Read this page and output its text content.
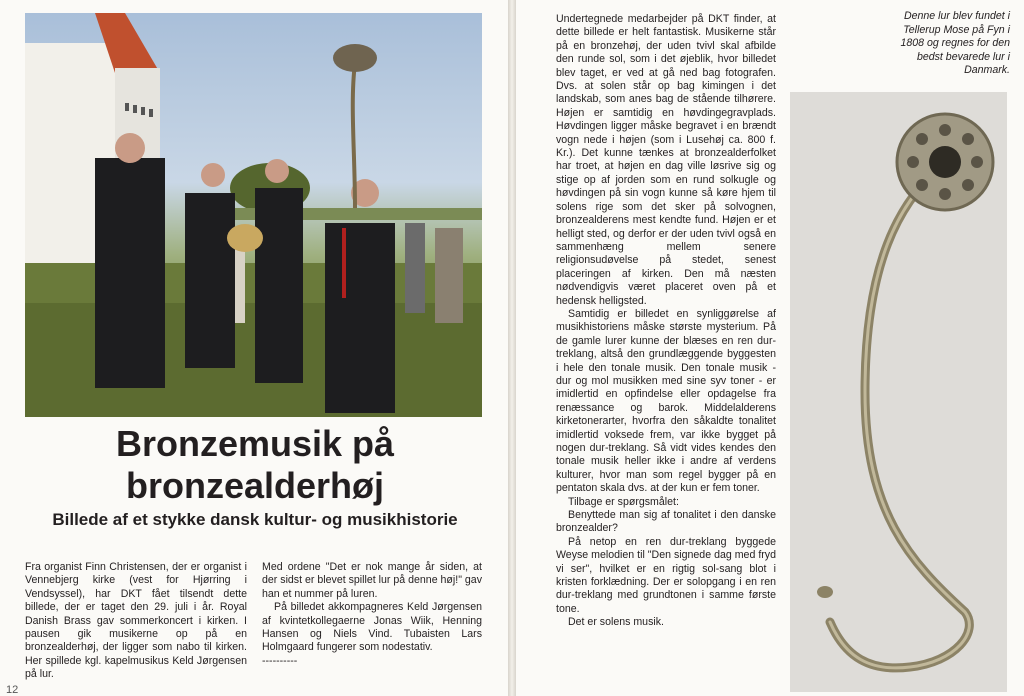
Bronzemusik på
bronzealderhøj
Billede af et stykke dansk kultur- og musikhistorie

Fra organist Finn Christensen, der er organist i Vennebjerg kirke (vest for Hjørring i Vendsyssel), har DKT fået tilsendt dette billede, der er taget den 29. juli i år. Royal Danish Brass gav sommerkoncert i kirken. I pausen gik musikerne op på en bronzealderhøj, der ligger som nabo til kirken. Her spillede kgl. kapelmusikus Keld Jørgensen på lur.

Med ordene "Det er nok mange år siden, at der sidst er blevet spillet lur på denne høj!" gav han et nummer på luren.

På billedet akkompagneres Keld Jørgensen af kvintetkollegaerne Jonas Wiik, Henning Hansen og Niels Vind. Tubaisten Lars Holmgaard fungerer som nodestativ.

----------

12

Undertegnede medarbejder på DKT finder, at dette billede er helt fantastisk. Musikerne står på en bronzehøj, der uden tvivl skal afbilde den runde sol, som i det øjeblik, hvor billedet blev taget, er ved at gå ned bag fotografen. Dvs. at solen står op bag kimingen i det landskab, som anes bag de stående tilhørere. Højen er samtidig en høvdingegravplads. Høvdingen ligger måske begravet i en brændt vogn nede i højen (som i Lusehøj ca. 800 f. Kr.). Det kunne tænkes at bronzealderfolket har troet, at højen en dag ville løsrive sig og stige op af jorden som en rund solkugle og høvdingen på sin vogn kunne så køre hjem til solens rige som det sker på solvognen, bronzealderens mest kendte fund. Højen er et helligt sted, og derfor er der uden tvivl også en sammenhæng mellem senere religionsudøvelse på stedet, senest placeringen af kirken. Den må næsten nødvendigvis været placeret oven på et hedensk helligsted.

Samtidig er billedet en synliggørelse af musikhistoriens måske største mysterium. På de gamle lurer kunne der blæses en ren dur-treklang, altså den grundlæggende byggesten i hele den tonale musik. Den tonale musik - dur og mol musikken med sine syv toner - er imidlertid en opfindelse eller opdagelse fra renæssance og barok. Middelalderens kirketonerarter, hvorfra den såkaldte tonalitet imidlertid voksede frem, var ikke bygget på nogen dur-treklang. Så vidt vides kendes den tonale musik heller ikke i andre af verdens kulturer, hvor man som regel bygger på en pentaton skala dvs. at der kun er fem toner.

Tilbage er spørgsmålet:

Benyttede man sig af tonalitet i den danske bronzealder?

På netop en ren dur-treklang byggede Weyse melodien til "Den signede dag med fryd vi ser", hvilket er en rigtig sol-sang blot i kristen forklædning. Der er solopgang i en ren dur-treklang med grundtonen i samme første tone.

Det er solens musik.

Denne lur blev fundet i Tellerup Mose på Fyn i 1808 og regnes for den bedst bevarede lur i Danmark.
